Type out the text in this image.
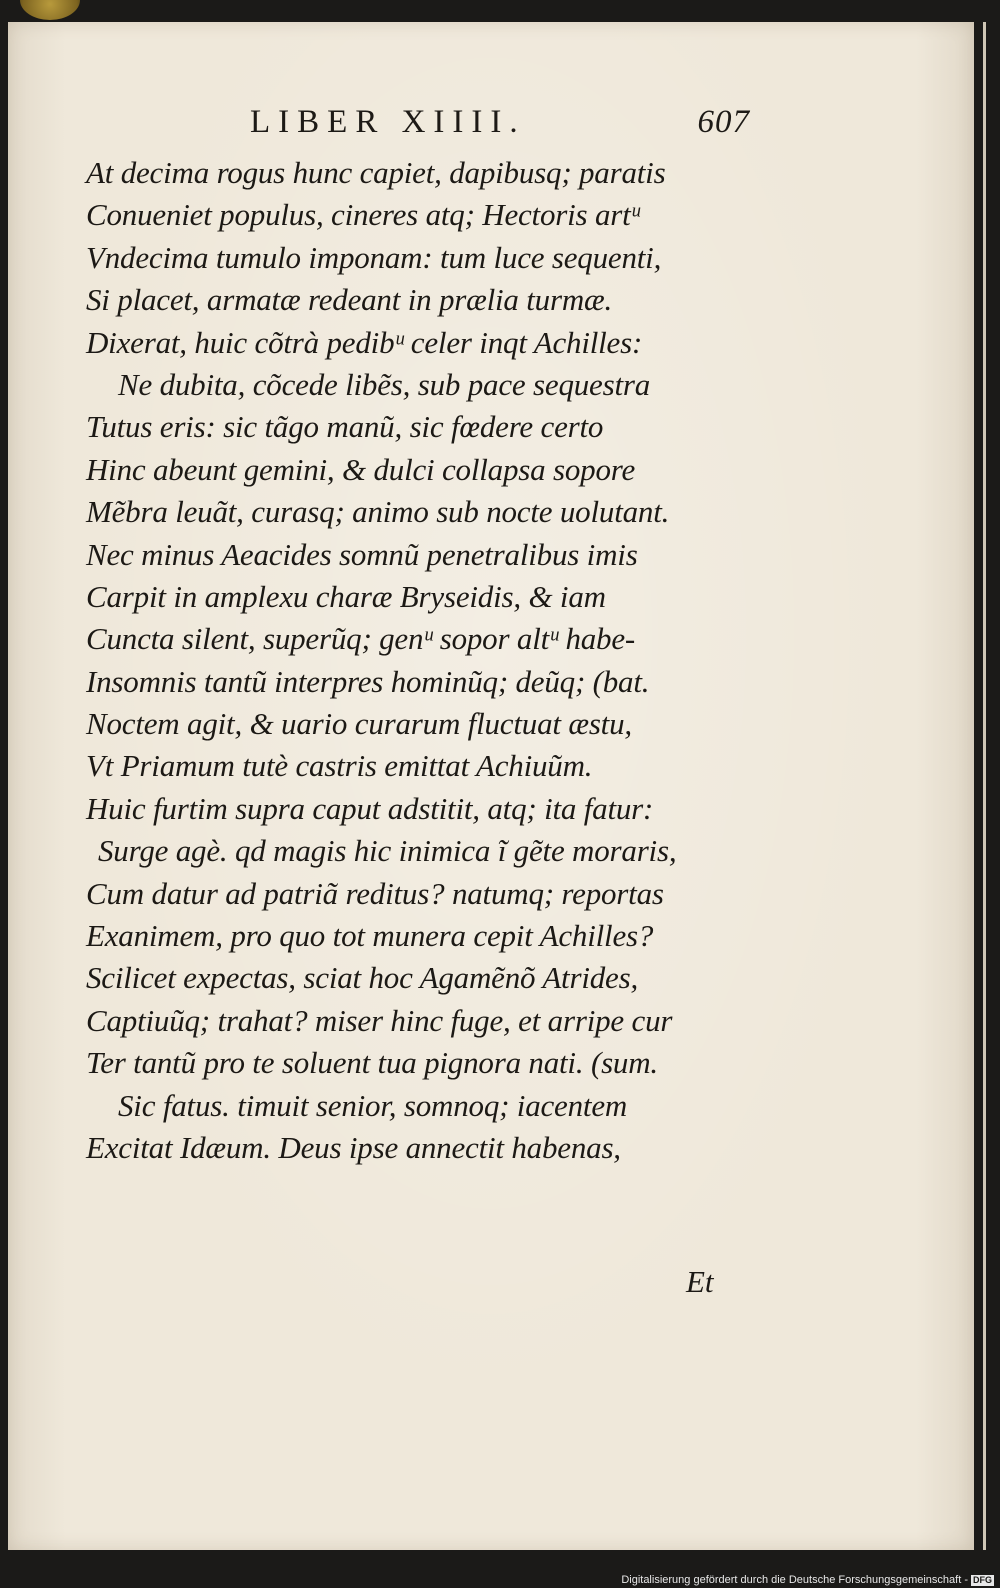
LIBER XIIII.	607
At decima rogus hunc capiet, dapibusq; paratis
Conueniet populus, cineres atq; Hectoris artᵘ
Vndecima tumulo imponam: tum luce sequenti,
Si placet, armatæ redeant in prælia turmæ.
Dixerat, huic cõtrà pedibᵘ celer inqt Achilles:
Ne dubita, cõcede libẽs, sub pace sequestra
Tutus eris: sic tãgo manũ, sic fœdere certo
Hinc abeunt gemini, & dulci collapsa sopore
Mẽbra leuãt, curasq; animo sub nocte uolutant.
Nec minus Aeacides somnũ penetralibus imis
Carpit in amplexu charæ Bryseidis, & iam
Cuncta silent, superũq; genᵘ sopor altᵘ habe-
Insomnis tantũ interpres hominũq; deũq; (bat.
Noctem agit, & uario curarum fluctuat æstu,
Vt Priamum tutè castris emittat Achiuũm.
Huic furtim supra caput adstitit, atq; ita fatur:
Surge agè. qd magis hic inimica ĩ gẽte moraris,
Cum datur ad patriã reditus? natumq; reportas
Exanimem, pro quo tot munera cepit Achilles?
Scilicet expectas, sciat hoc Agamẽnõ Atrides,
Captiuũq; trahat? miser hinc fuge, et arripe cur
Ter tantũ pro te soluent tua pignora nati. (sum.
Sic fatus. timuit senior, somnoq; iacentem
Excitat Idæum. Deus ipse annectit habenas,
Et
Digitalisierung gefördert durch die Deutsche Forschungsgemeinschaft - DFG
